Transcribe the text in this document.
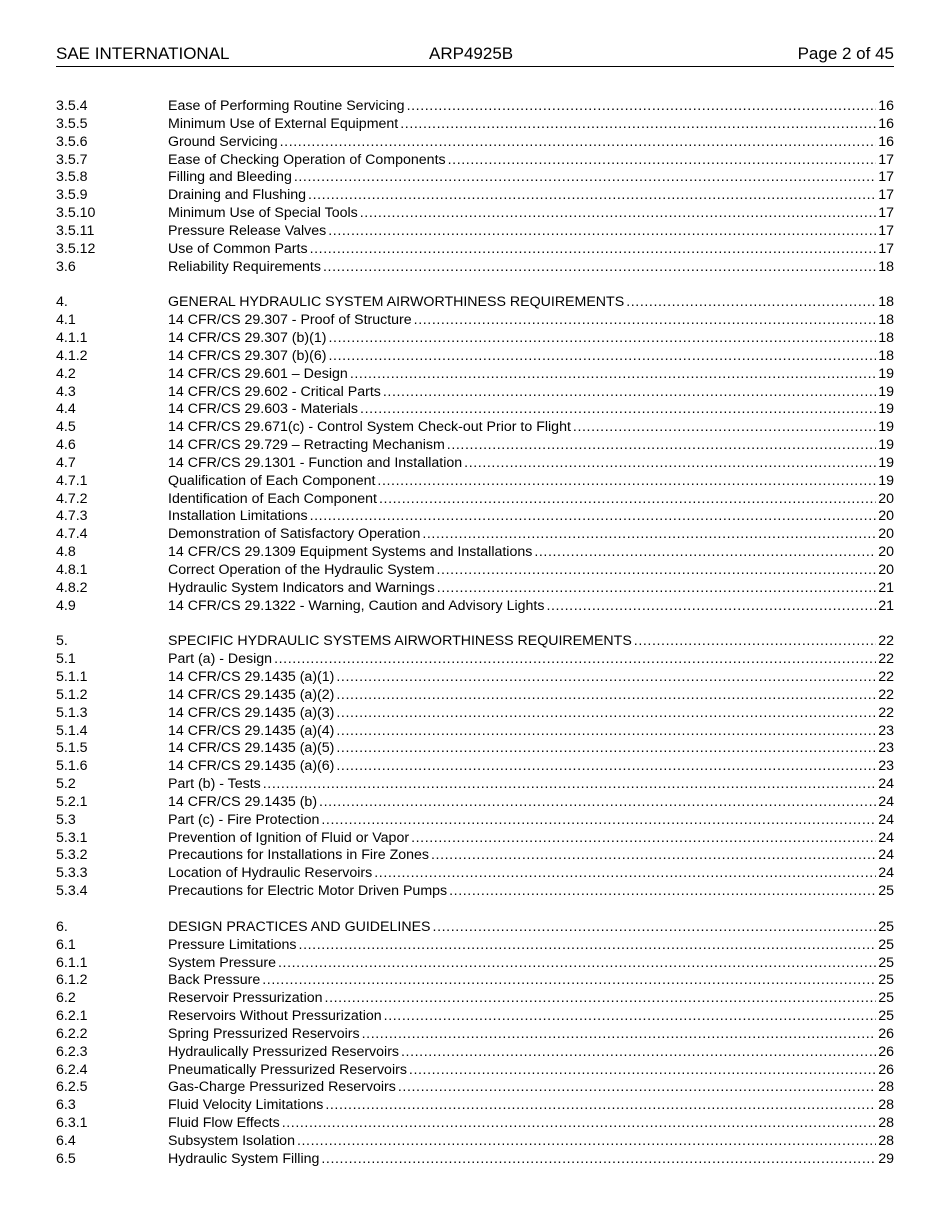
SAE INTERNATIONAL	ARP4925B	Page 2 of 45
3.5.4	Ease of Performing Routine Servicing .....	16
3.5.5	Minimum Use of External Equipment .....	16
3.5.6	Ground Servicing .....	16
3.5.7	Ease of Checking Operation of Components .....	17
3.5.8	Filling and Bleeding .....	17
3.5.9	Draining and Flushing .....	17
3.5.10	Minimum Use of Special Tools .....	17
3.5.11	Pressure Release Valves .....	17
3.5.12	Use of Common Parts .....	17
3.6	Reliability Requirements .....	18
4.	GENERAL HYDRAULIC SYSTEM AIRWORTHINESS REQUIREMENTS .....	18
4.1	14 CFR/CS 29.307 - Proof of Structure .....	18
4.1.1	14 CFR/CS 29.307 (b)(1) .....	18
4.1.2	14 CFR/CS 29.307 (b)(6) .....	18
4.2	14 CFR/CS 29.601 – Design .....	19
4.3	14 CFR/CS 29.602 - Critical Parts .....	19
4.4	14 CFR/CS 29.603 - Materials .....	19
4.5	14 CFR/CS 29.671(c) - Control System Check-out Prior to Flight .....	19
4.6	14 CFR/CS 29.729 – Retracting Mechanism .....	19
4.7	14 CFR/CS 29.1301 - Function and Installation .....	19
4.7.1	Qualification of Each Component .....	19
4.7.2	Identification of Each Component .....	20
4.7.3	Installation Limitations .....	20
4.7.4	Demonstration of Satisfactory Operation .....	20
4.8	14 CFR/CS 29.1309 Equipment Systems and Installations .....	20
4.8.1	Correct Operation of the Hydraulic System .....	20
4.8.2	Hydraulic System Indicators and Warnings .....	21
4.9	14 CFR/CS 29.1322 - Warning, Caution and Advisory Lights .....	21
5.	SPECIFIC HYDRAULIC SYSTEMS AIRWORTHINESS REQUIREMENTS .....	22
5.1	Part (a) - Design .....	22
5.1.1	14 CFR/CS 29.1435 (a)(1) .....	22
5.1.2	14 CFR/CS 29.1435 (a)(2) .....	22
5.1.3	14 CFR/CS 29.1435 (a)(3) .....	22
5.1.4	14 CFR/CS 29.1435 (a)(4) .....	23
5.1.5	14 CFR/CS 29.1435 (a)(5) .....	23
5.1.6	14 CFR/CS 29.1435 (a)(6) .....	23
5.2	Part (b) - Tests .....	24
5.2.1	14 CFR/CS 29.1435 (b) .....	24
5.3	Part (c) - Fire Protection .....	24
5.3.1	Prevention of Ignition of Fluid or Vapor .....	24
5.3.2	Precautions for Installations in Fire Zones .....	24
5.3.3	Location of Hydraulic Reservoirs .....	24
5.3.4	Precautions for Electric Motor Driven Pumps .....	25
6.	DESIGN PRACTICES AND GUIDELINES .....	25
6.1	Pressure Limitations .....	25
6.1.1	System Pressure .....	25
6.1.2	Back Pressure .....	25
6.2	Reservoir Pressurization .....	25
6.2.1	Reservoirs Without Pressurization .....	25
6.2.2	Spring Pressurized Reservoirs .....	26
6.2.3	Hydraulically Pressurized Reservoirs .....	26
6.2.4	Pneumatically Pressurized Reservoirs .....	26
6.2.5	Gas-Charge Pressurized Reservoirs .....	28
6.3	Fluid Velocity Limitations .....	28
6.3.1	Fluid Flow Effects .....	28
6.4	Subsystem Isolation .....	28
6.5	Hydraulic System Filling .....	29
